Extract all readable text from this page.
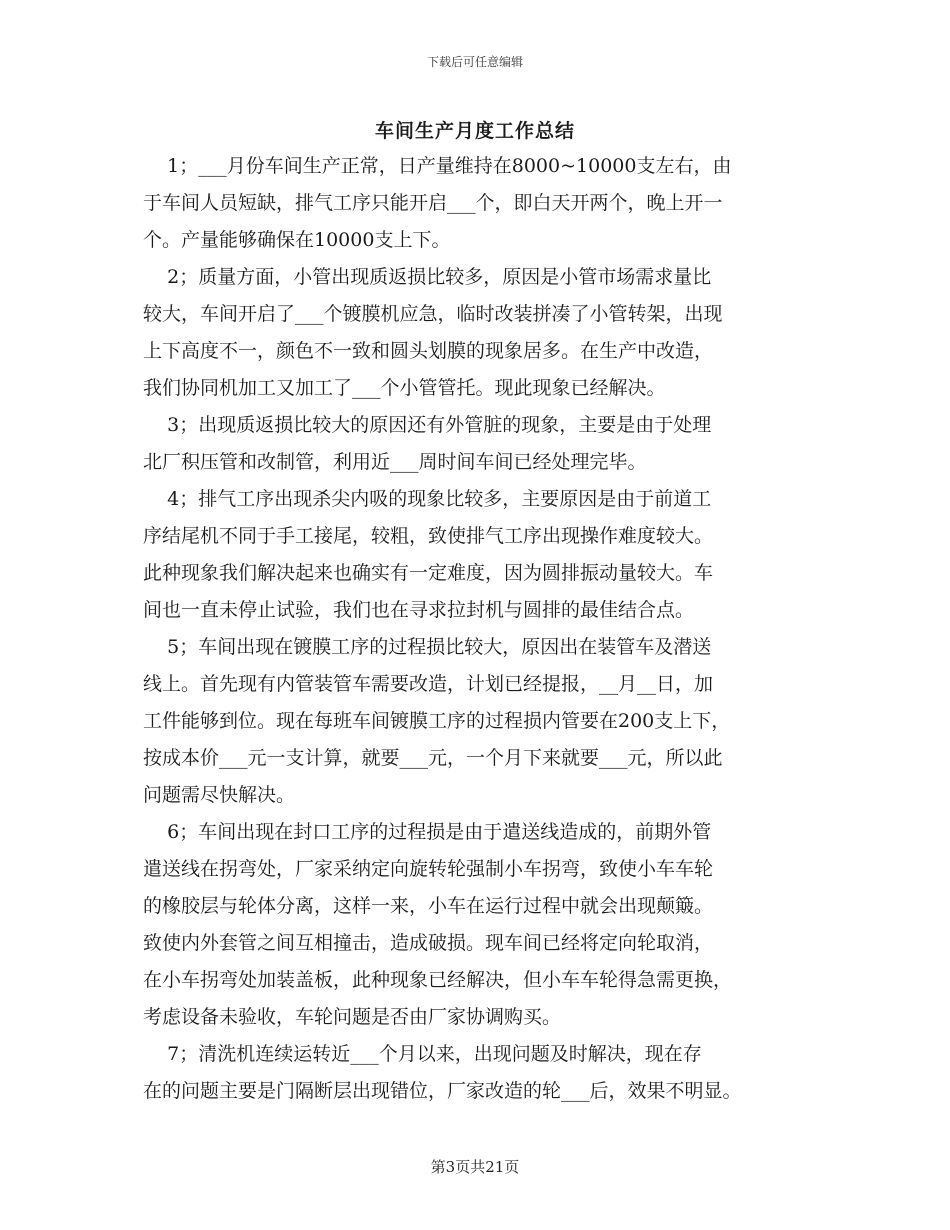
下载后可任意编辑
车间生产月度工作总结
1；___月份车间生产正常，日产量维持在8000~10000支左右，由
于车间人员短缺，排气工序只能开启___个，即白天开两个，晚上开一
个。产量能够确保在10000支上下。
2；质量方面，小管出现质返损比较多，原因是小管市场需求量比
较大，车间开启了___个镀膜机应急，临时改装拼凑了小管转架，出现
上下高度不一，颜色不一致和圆头划膜的现象居多。在生产中改造，
我们协同机加工又加工了___个小管管托。现此现象已经解决。
3；出现质返损比较大的原因还有外管脏的现象，主要是由于处理
北厂积压管和改制管，利用近___周时间车间已经处理完毕。
4；排气工序出现杀尖内吸的现象比较多，主要原因是由于前道工
序结尾机不同于手工接尾，较粗，致使排气工序出现操作难度较大。
此种现象我们解决起来也确实有一定难度，因为圆排振动量较大。车
间也一直未停止试验，我们也在寻求拉封机与圆排的最佳结合点。
5；车间出现在镀膜工序的过程损比较大，原因出在装管车及潜送
线上。首先现有内管装管车需要改造，计划已经提报，__月__日，加
工件能够到位。现在每班车间镀膜工序的过程损内管要在200支上下，
按成本价___元一支计算，就要___元，一个月下来就要___元，所以此
问题需尽快解决。
6；车间出现在封口工序的过程损是由于遣送线造成的，前期外管
遣送线在拐弯处，厂家采纳定向旋转轮强制小车拐弯，致使小车车轮
的橡胶层与轮体分离，这样一来，小车在运行过程中就会出现颠簸。
致使内外套管之间互相撞击，造成破损。现车间已经将定向轮取消，
在小车拐弯处加装盖板，此种现象已经解决，但小车车轮得急需更换，
考虑设备未验收，车轮问题是否由厂家协调购买。
7；清洗机连续运转近___个月以来，出现问题及时解决，现在存
在的问题主要是门隔断层出现错位，厂家改造的轮___后，效果不明显。
第3页共21页
